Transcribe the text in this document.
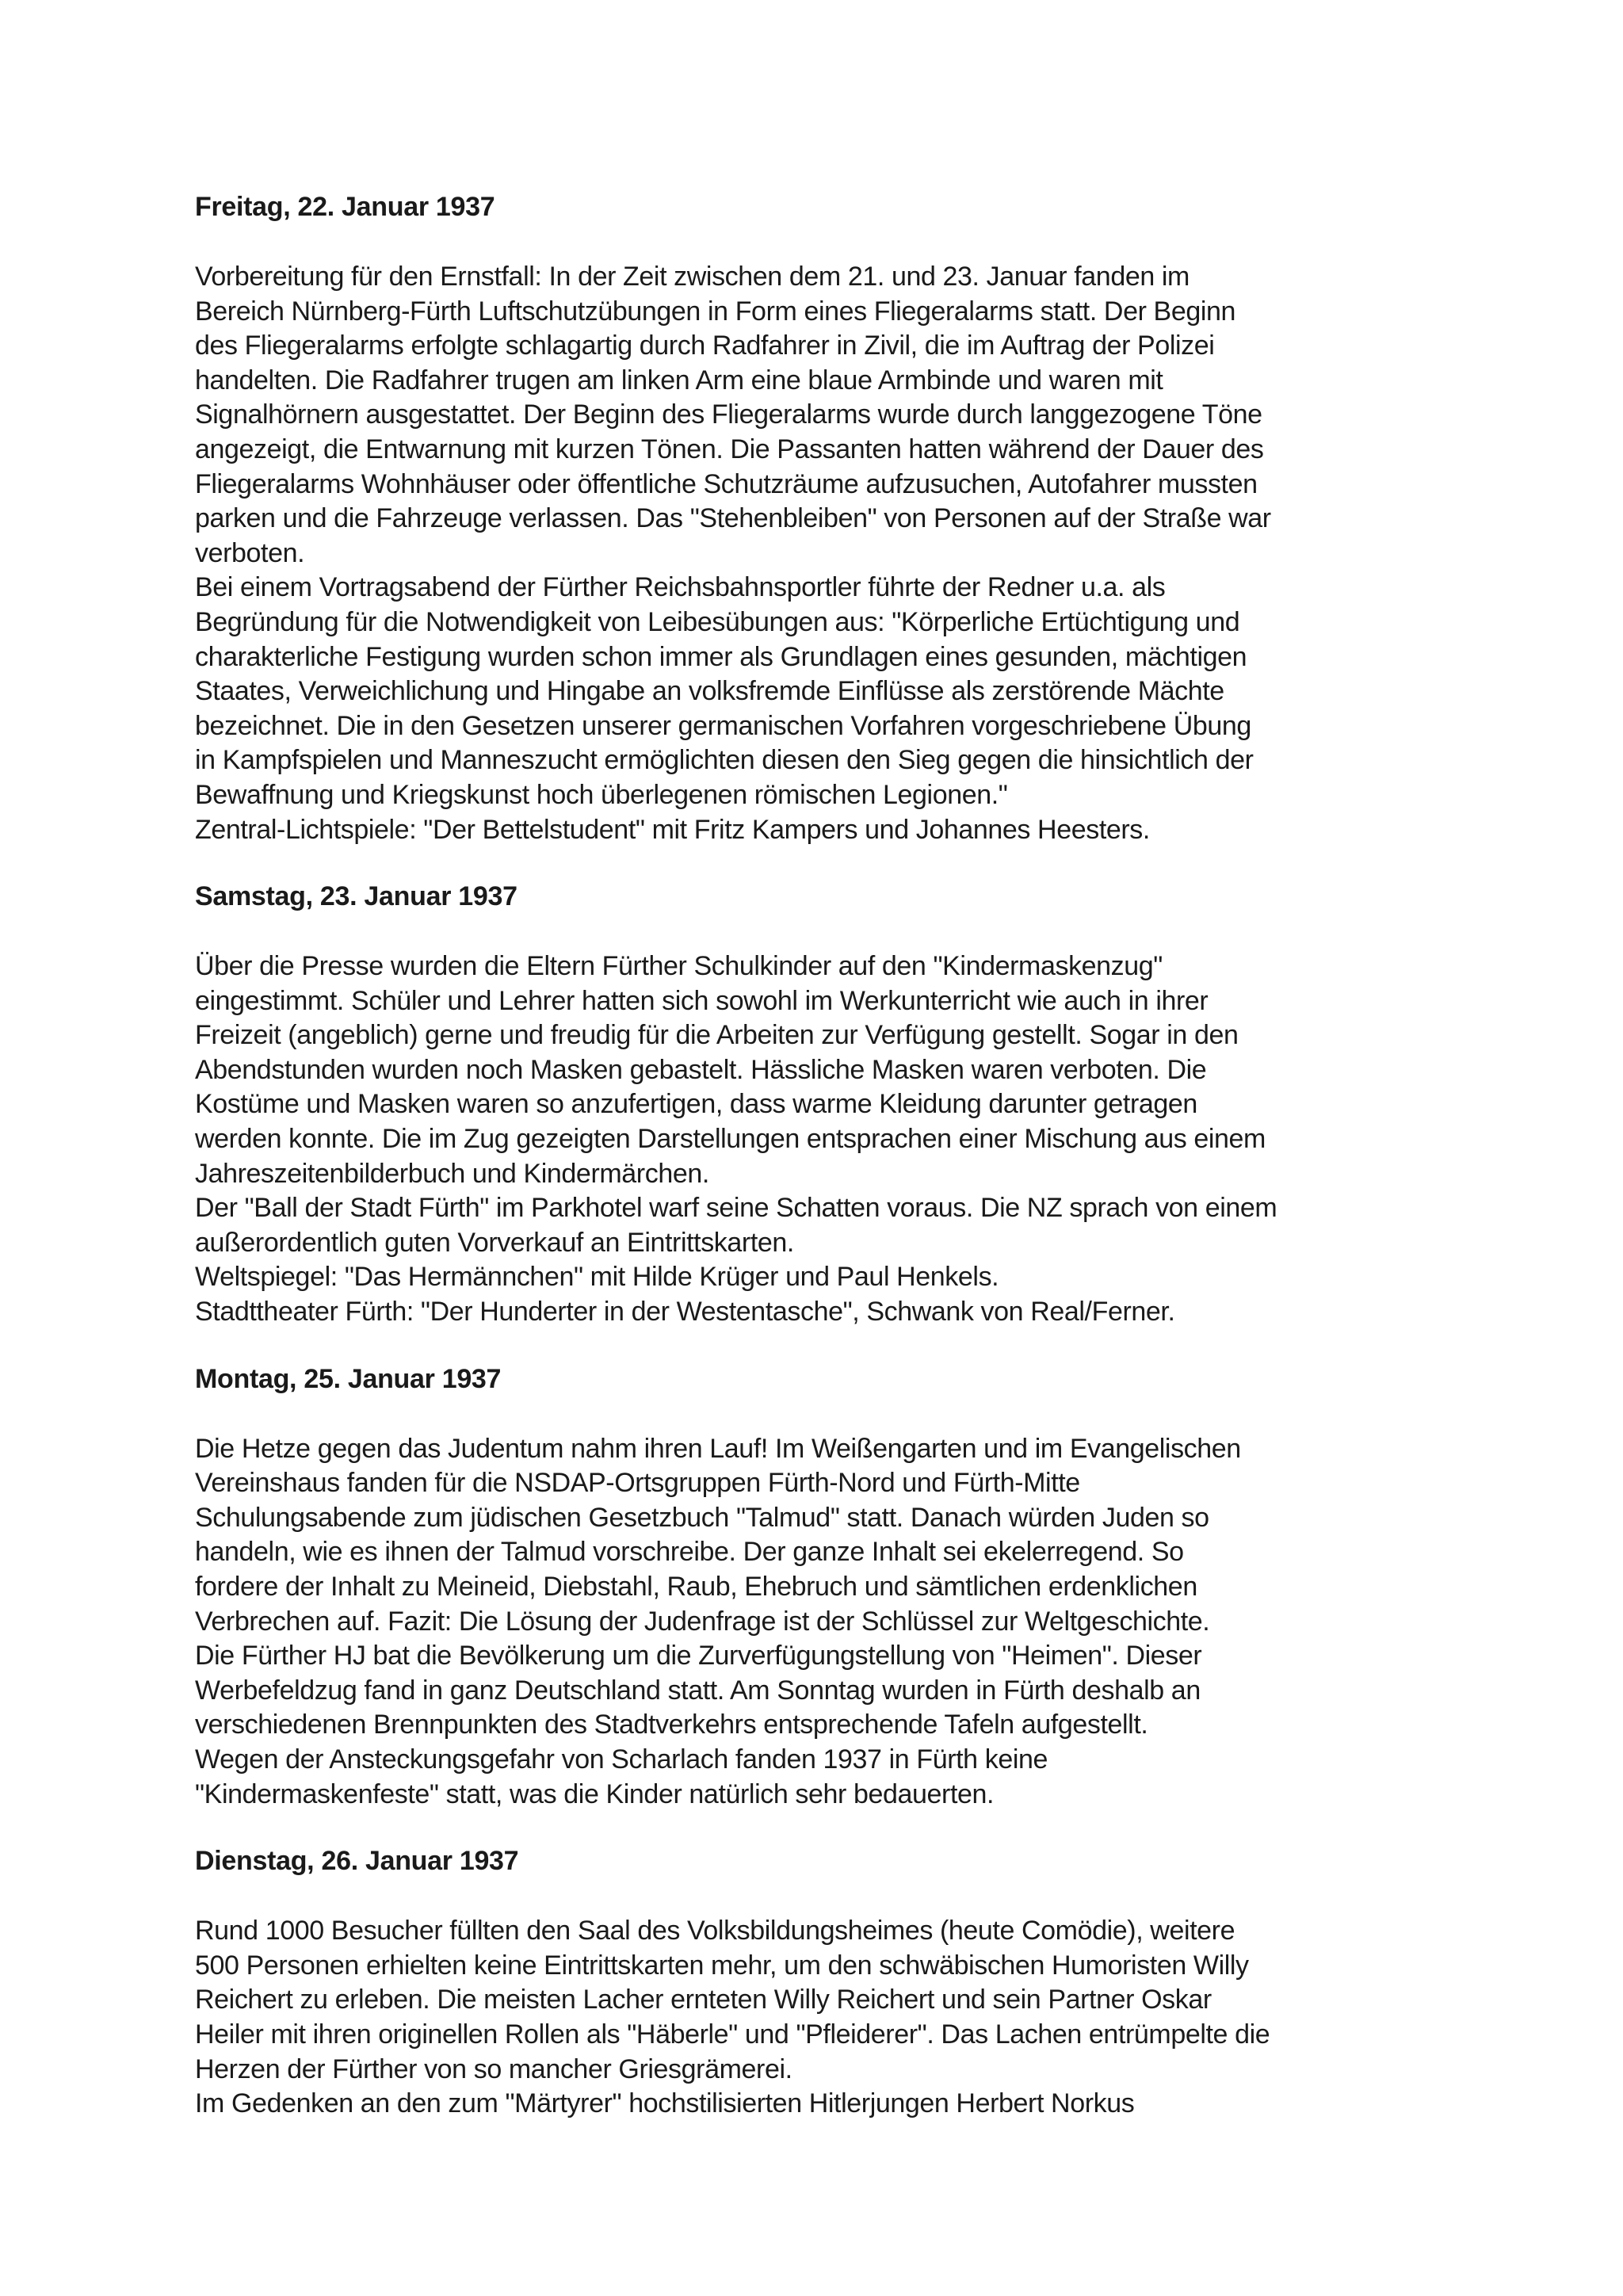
Freitag, 22. Januar 1937
Vorbereitung für den Ernstfall: In der Zeit zwischen dem 21. und 23. Januar fanden im
Bereich Nürnberg-Fürth Luftschutzübungen in Form eines Fliegeralarms statt. Der Beginn
des Fliegeralarms erfolgte schlagartig durch Radfahrer in Zivil, die im Auftrag der Polizei
handelten. Die Radfahrer trugen am linken Arm eine blaue Armbinde und waren mit
Signalhörnern ausgestattet. Der Beginn des Fliegeralarms wurde durch langgezogene Töne
angezeigt, die Entwarnung mit kurzen Tönen. Die Passanten hatten während der Dauer des
Fliegeralarms Wohnhäuser oder öffentliche Schutzräume aufzusuchen, Autofahrer mussten
parken und die Fahrzeuge verlassen. Das "Stehenbleiben" von Personen auf der Straße war
verboten.
Bei einem Vortragsabend der Fürther Reichsbahnsportler führte der Redner u.a. als
Begründung für die Notwendigkeit von Leibesübungen aus: "Körperliche Ertüchtigung und
charakterliche Festigung wurden schon immer als Grundlagen eines gesunden, mächtigen
Staates, Verweichlichung und Hingabe an volksfremde Einflüsse als zerstörende Mächte
bezeichnet. Die in den Gesetzen unserer germanischen Vorfahren vorgeschriebene Übung
in Kampfspielen und Manneszucht ermöglichten diesen den Sieg gegen die hinsichtlich der
Bewaffnung und Kriegskunst hoch überlegenen römischen Legionen."
Zentral-Lichtspiele: "Der Bettelstudent" mit Fritz Kampers und Johannes Heesters.
Samstag, 23. Januar 1937
Über die Presse wurden die Eltern Fürther Schulkinder auf den "Kindermaskenzug"
eingestimmt. Schüler und Lehrer hatten sich sowohl im Werkunterricht wie auch in ihrer
Freizeit (angeblich) gerne und freudig für die Arbeiten zur Verfügung gestellt. Sogar in den
Abendstunden wurden noch Masken gebastelt. Hässliche Masken waren verboten. Die
Kostüme und Masken waren so anzufertigen, dass warme Kleidung darunter getragen
werden konnte. Die im Zug gezeigten Darstellungen entsprachen einer Mischung aus einem
Jahreszeitenbilderbuch und Kindermärchen.
Der "Ball der Stadt Fürth" im Parkhotel warf seine Schatten voraus. Die NZ sprach von einem
außerordentlich guten Vorverkauf an Eintrittskarten.
Weltspiegel: "Das Hermännchen" mit Hilde Krüger und Paul Henkels.
Stadttheater Fürth: "Der Hunderter in der Westentasche", Schwank von Real/Ferner.
Montag, 25. Januar 1937
Die Hetze gegen das Judentum nahm ihren Lauf! Im Weißengarten und im Evangelischen
Vereinshaus fanden für die NSDAP-Ortsgruppen Fürth-Nord und Fürth-Mitte
Schulungsabende zum jüdischen Gesetzbuch "Talmud" statt. Danach würden Juden so
handeln, wie es ihnen der Talmud vorschreibe. Der ganze Inhalt sei ekelerregend. So
fordere der Inhalt zu Meineid, Diebstahl, Raub, Ehebruch und sämtlichen erdenklichen
Verbrechen auf. Fazit: Die Lösung der Judenfrage ist der Schlüssel zur Weltgeschichte.
Die Fürther HJ bat die Bevölkerung um die Zurverfügungstellung von "Heimen". Dieser
Werbefeldzug fand in ganz Deutschland statt. Am Sonntag wurden in Fürth deshalb an
verschiedenen Brennpunkten des Stadtverkehrs entsprechende Tafeln aufgestellt.
Wegen der Ansteckungsgefahr von Scharlach fanden 1937 in Fürth keine
"Kindermaskenfeste" statt, was die Kinder natürlich sehr bedauerten.
Dienstag, 26. Januar 1937
Rund 1000 Besucher füllten den Saal des Volksbildungsheimes (heute Comödie), weitere
500 Personen erhielten keine Eintrittskarten mehr, um den schwäbischen Humoristen Willy
Reichert zu erleben. Die meisten Lacher ernteten Willy Reichert und sein Partner Oskar
Heiler mit ihren originellen Rollen als "Häberle" und "Pfleiderer". Das Lachen entrümpelte die
Herzen der Fürther von so mancher Griesgrämerei.
Im Gedenken an den zum "Märtyrer" hochstilisierten Hitlerjungen Herbert Norkus
